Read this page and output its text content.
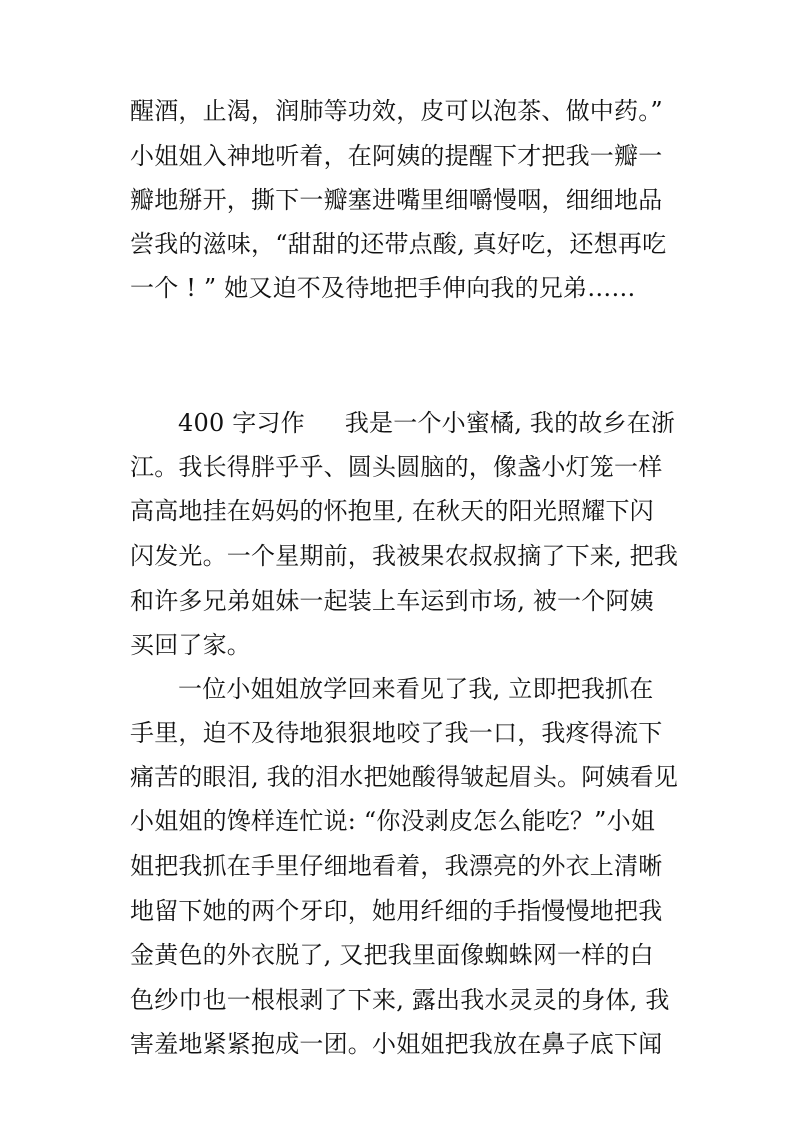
醒酒，止渴，润肺等功效，皮可以泡茶、做中药。”
小姐姐入神地听着，在阿姨的提醒下才把我一瓣一
瓣地掰开，撕下一瓣塞进嘴里细嚼慢咽，细细地品
尝我的滋味，“甜甜的还带点酸, 真好吃，还想再吃
一个 ! ” 她又迫不及待地把手伸向我的兄弟……
400 字习作 我是一个小蜜橘, 我的故乡在浙
江。我长得胖乎乎、圆头圆脑的，像盏小灯笼一样
高高地挂在妈妈的怀抱里, 在秋天的阳光照耀下闪
闪发光。一个星期前，我被果农叔叔摘了下来, 把我
和许多兄弟姐妹一起装上车运到市场, 被一个阿姨
买回了家。
一位小姐姐放学回来看见了我, 立即把我抓在
手里，迫不及待地狠狠地咬了我一口，我疼得流下
痛苦的眼泪, 我的泪水把她酸得皱起眉头。阿姨看见
小姐姐的馋样连忙说: “你没剥皮怎么能吃？”小姐
姐把我抓在手里仔细地看着，我漂亮的外衣上清晰
地留下她的两个牙印，她用纤细的手指慢慢地把我
金黄色的外衣脱了, 又把我里面像蜘蛛网一样的白
色纱巾也一根根剥了下来, 露出我水灵灵的身体, 我
害羞地紧紧抱成一团。小姐姐把我放在鼻子底下闻
